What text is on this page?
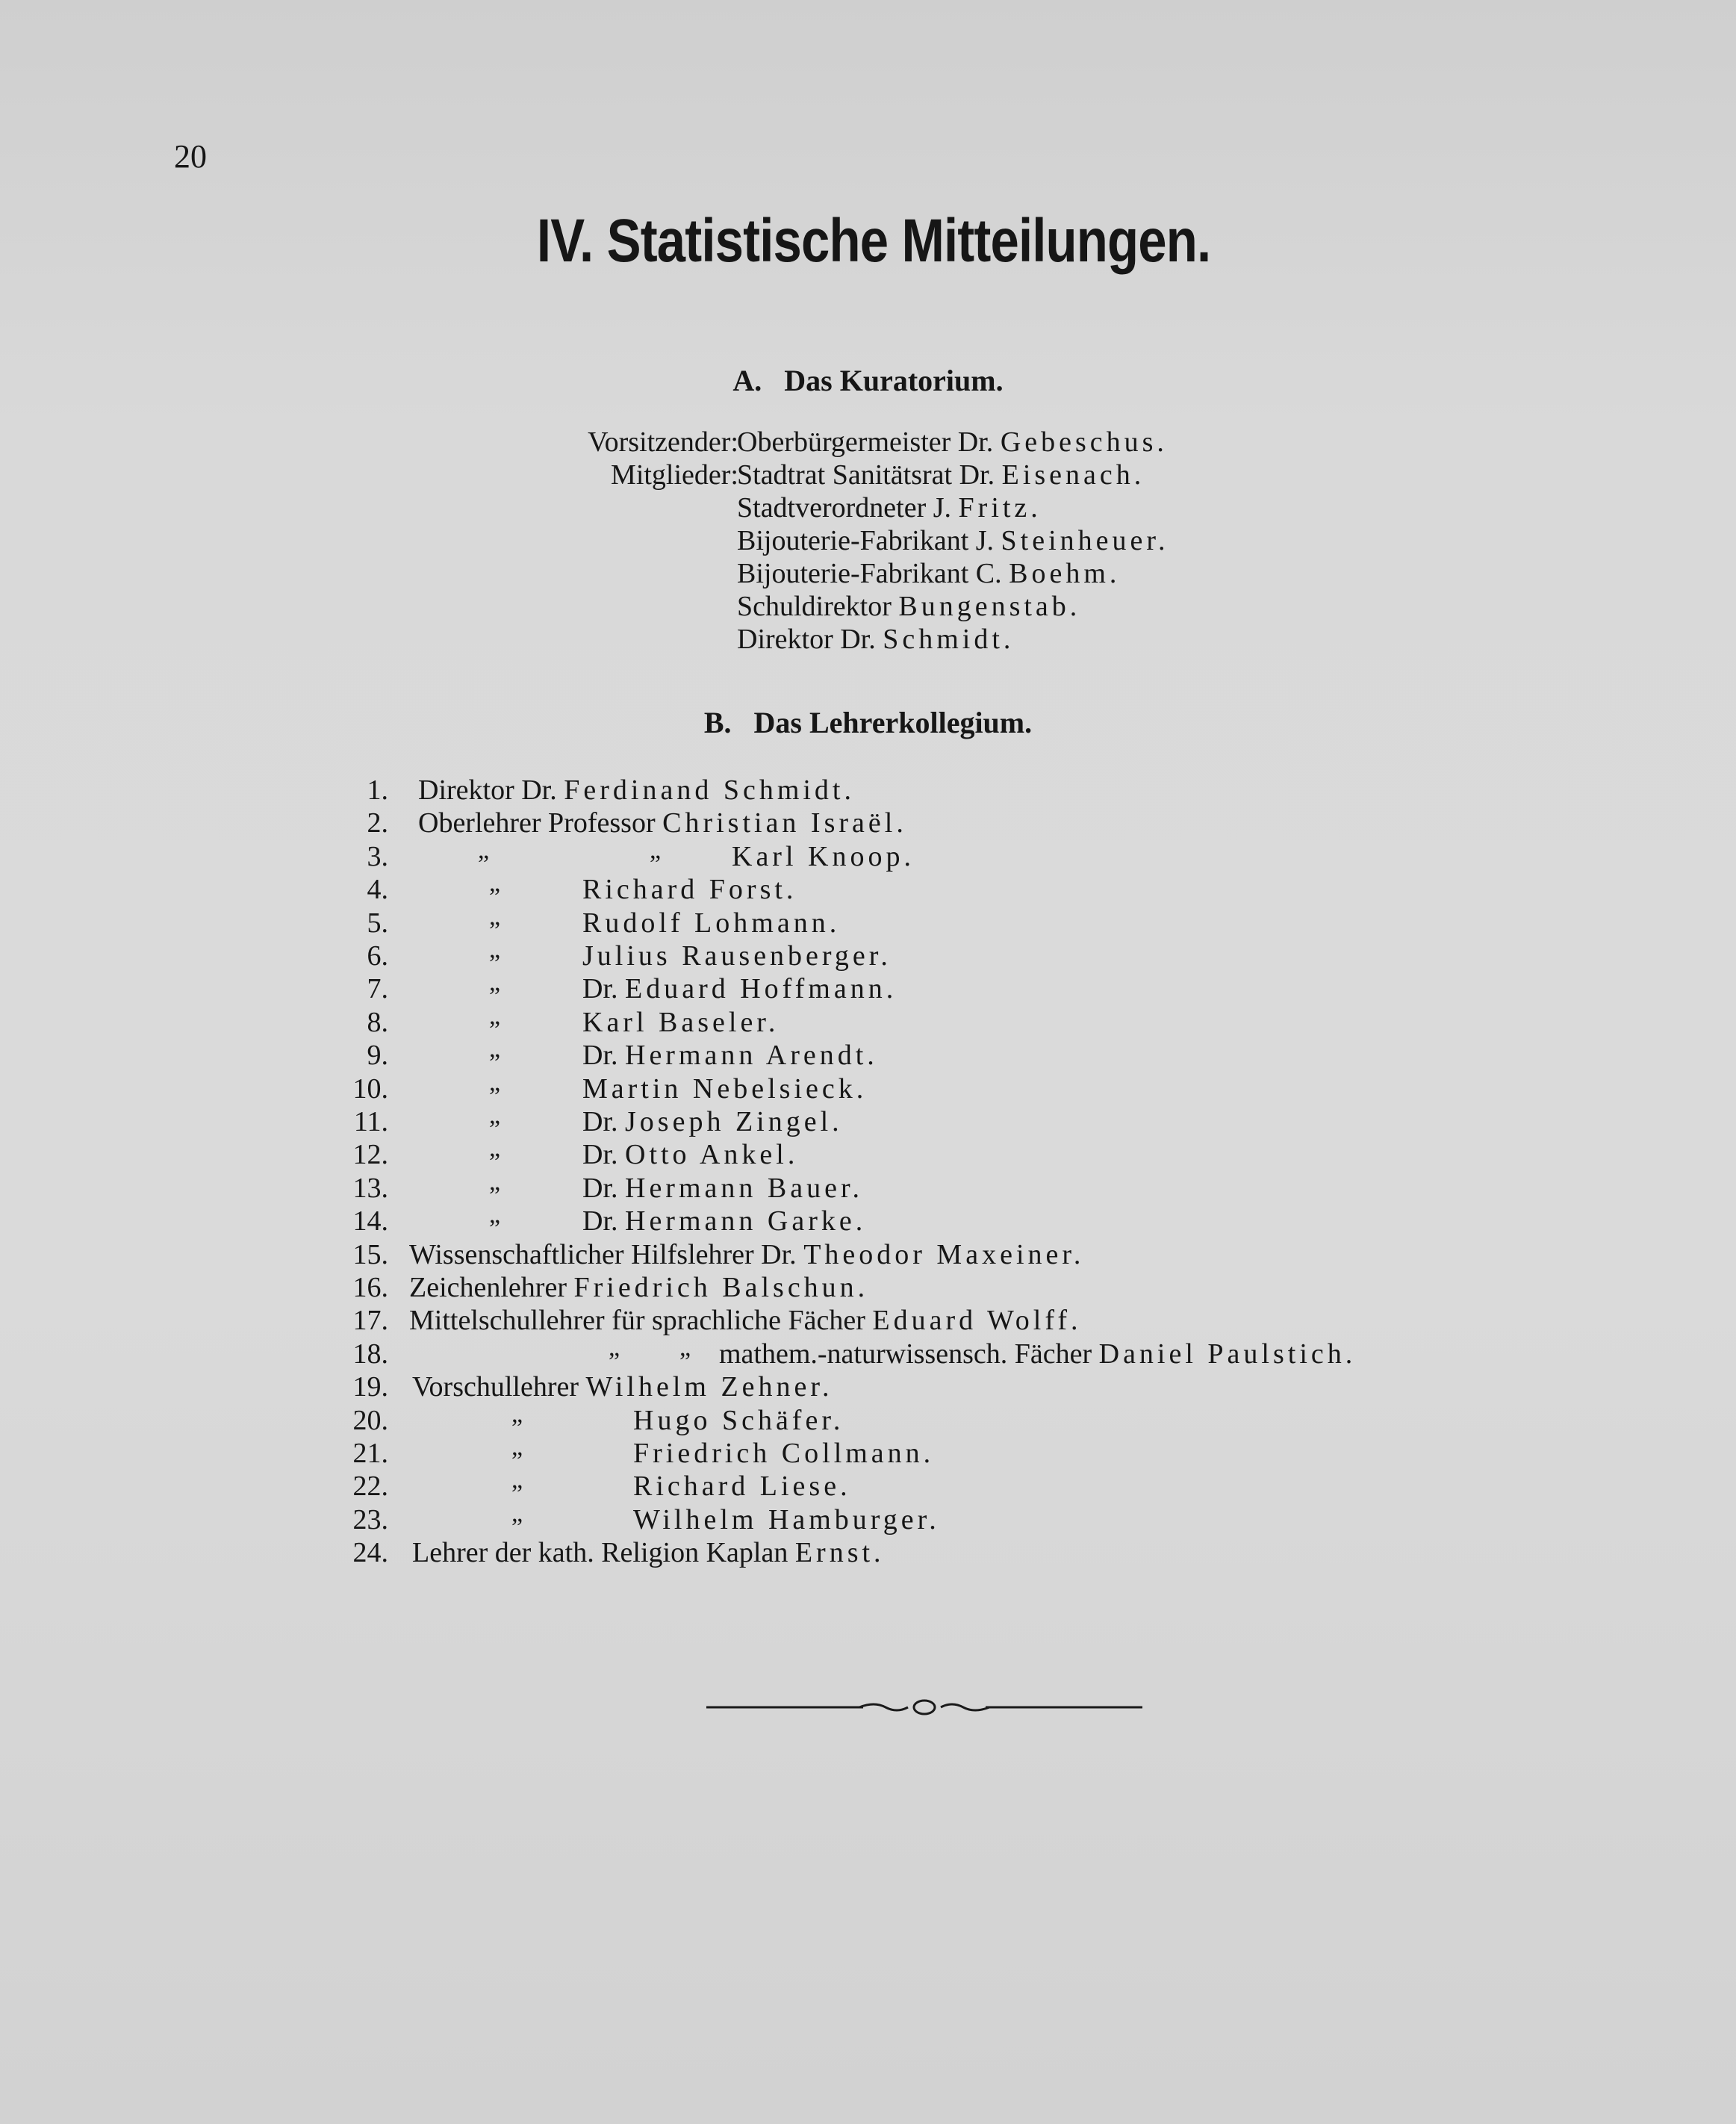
20
IV. Statistische Mitteilungen.
A. Das Kuratorium.
Vorsitzender:
Oberbürgermeister Dr. Gebeschus.
Mitglieder:
Stadtrat Sanitätsrat Dr. Eisenach.
Stadtverordneter J. Fritz.
Bijouterie-Fabrikant J. Steinheuer.
Bijouterie-Fabrikant C. Boehm.
Schuldirektor Bungenstab.
Direktor Dr. Schmidt.
B. Das Lehrerkollegium.
1. Direktor Dr. Ferdinand Schmidt.
2. Oberlehrer Professor Christian Israël.
3.	„	„ Karl Knoop.
4.	„	Richard Forst.
5.	„	Rudolf Lohmann.
6.	„	Julius Rausenberger.
7.	„	Dr. Eduard Hoffmann.
8.	„	Karl Baseler.
9.	„	Dr. Hermann Arendt.
10.	„	Martin Nebelsieck.
11.	„	Dr. Joseph Zingel.
12.	„	Dr. Otto Ankel.
13.	„	Dr. Hermann Bauer.
14.	„	Dr. Hermann Garke.
15. Wissenschaftlicher Hilfslehrer Dr. Theodor Maxeiner.
16. Zeichenlehrer Friedrich Balschun.
17. Mittelschullehrer für sprachliche Fächer Eduard Wolff.
18.	„ „ mathem.-naturwissensch. Fächer Daniel Paulstich.
19. Vorschullehrer Wilhelm Zehner.
20.	„	Hugo Schäfer.
21.	„	Friedrich Collmann.
22.	„	Richard Liese.
23.	„	Wilhelm Hamburger.
24. Lehrer der kath. Religion Kaplan Ernst.
